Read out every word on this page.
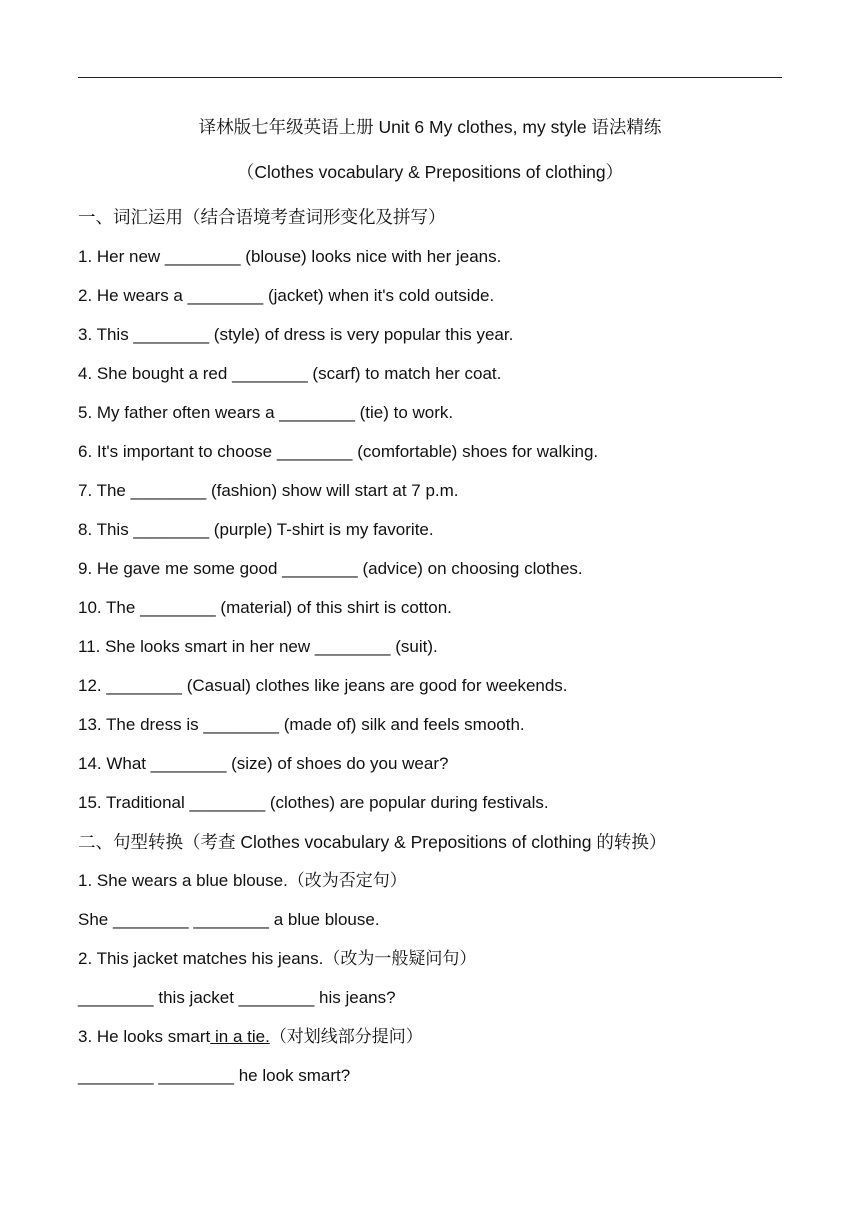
译林版七年级英语上册 Unit 6 My clothes, my style 语法精练
（Clothes vocabulary & Prepositions of clothing）
一、词汇运用（结合语境考查词形变化及拼写）
1. Her new ________ (blouse) looks nice with her jeans.
2. He wears a ________ (jacket) when it's cold outside.
3. This ________ (style) of dress is very popular this year.
4. She bought a red ________ (scarf) to match her coat.
5. My father often wears a ________ (tie) to work.
6. It's important to choose ________ (comfortable) shoes for walking.
7. The ________ (fashion) show will start at 7 p.m.
8. This ________ (purple) T-shirt is my favorite.
9. He gave me some good ________ (advice) on choosing clothes.
10. The ________ (material) of this shirt is cotton.
11. She looks smart in her new ________ (suit).
12. ________ (Casual) clothes like jeans are good for weekends.
13. The dress is ________ (made of) silk and feels smooth.
14. What ________ (size) of shoes do you wear?
15. Traditional ________ (clothes) are popular during festivals.
二、句型转换（考查 Clothes vocabulary & Prepositions of clothing 的转换）
1. She wears a blue blouse.（改为否定句）
She ________ ________ a blue blouse.
2. This jacket matches his jeans.（改为一般疑问句）
________ this jacket ________ his jeans?
3. He looks smart in a tie.（对划线部分提问）
________ ________ he look smart?
